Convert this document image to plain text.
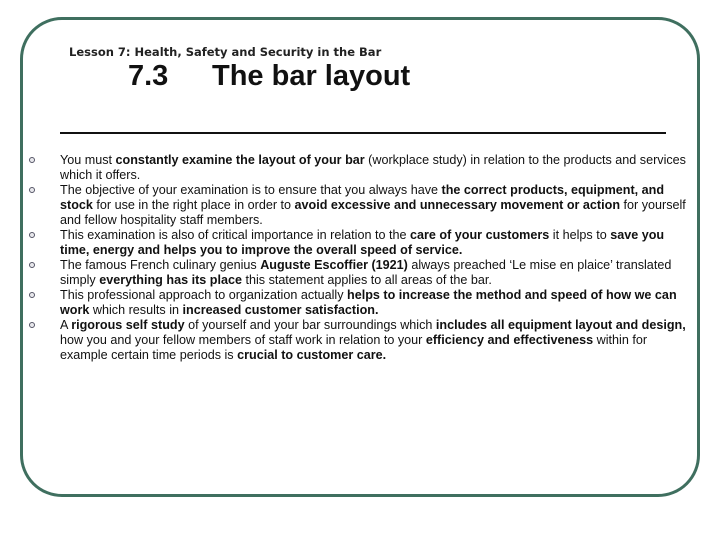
Lesson 7: Health, Safety and Security in the Bar
7.3 The bar layout
You must constantly examine the layout of your bar (workplace study) in relation to the products and services which it offers.
The objective of your examination is to ensure that you always have the correct products, equipment, and stock for use in the right place in order to avoid excessive and unnecessary movement or action for yourself and fellow hospitality staff members.
This examination is also of critical importance in relation to the care of your customers it helps to save you time, energy and helps you to improve the overall speed of service.
The famous French culinary genius Auguste Escoffier (1921) always preached ‘Le mise en plaice’ translated simply everything has its place this statement applies to all areas of the bar.
This professional approach to organization actually helps to increase the method and speed of how we can work which results in increased customer satisfaction.
A rigorous self study of yourself and your bar surroundings which includes all equipment layout and design, how you and your fellow members of staff work in relation to your efficiency and effectiveness within for example certain time periods is crucial to customer care.
